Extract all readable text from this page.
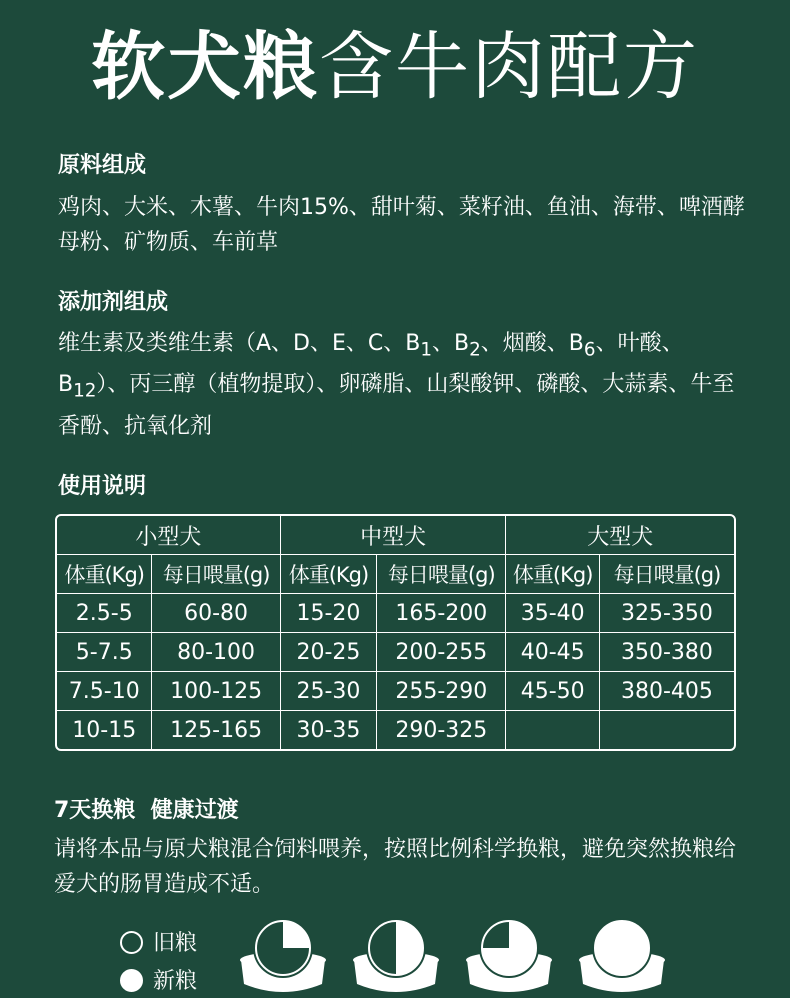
软犬粮含牛肉配方
原料组成
鸡肉、大米、木薯、牛肉15%、甜叶菊、菜籽油、鱼油、海带、啤酒酵母粉、矿物质、车前草
添加剂组成
维生素及类维生素（A、D、E、C、$B_1$、$B_2$、烟酸、$B_6$、叶酸、$B_{12}$）、丙三醇（植物提取）、卵磷脂、山梨酸钾、磷酸、大蒜素、牛至香酚、抗氧化剂
使用说明
小型犬		中型犬		大型犬	
体重(Kg)	每日喂量(g)	体重(Kg)	每日喂量(g)	体重(Kg)	每日喂量(g)
2.5-5	60-80	15-20	165-200	35-40	325-350
5-7.5	80-100	20-25	200-255	40-45	350-380
7.5-10	100-125	25-30	255-290	45-50	380-405
10-15	125-165	30-35	290-325		
7天换粮  健康过渡
请将本品与原犬粮混合饲料喂养，按照比例科学换粮，避免突然换粮给爱犬的肠胃造成不适。
旧粮
新粮
